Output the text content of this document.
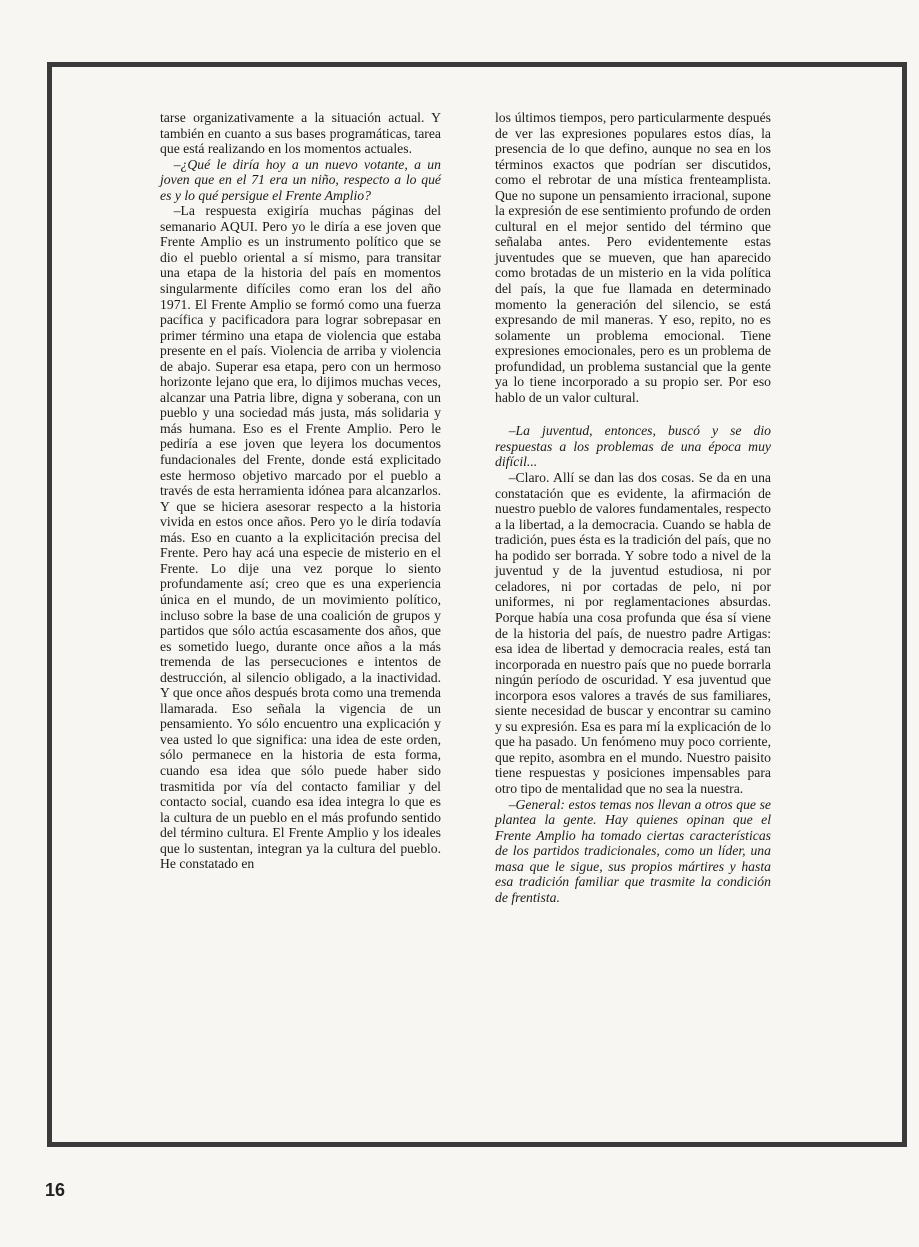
tarse organizativamente a la situación actual. Y también en cuanto a sus bases programáticas, tarea que está realizando en los momentos actuales.

–¿Qué le diría hoy a un nuevo votante, a un joven que en el 71 era un niño, respecto a lo qué es y lo qué persigue el Frente Amplio?

–La respuesta exigiría muchas páginas del semanario AQUI. Pero yo le diría a ese joven que Frente Amplio es un instrumento político que se dio el pueblo oriental a sí mismo, para transitar una etapa de la historia del país en momentos singularmente difíciles como eran los del año 1971. El Frente Amplio se formó como una fuerza pacífica y pacificadora para lograr sobrepasar en primer término una etapa de violencia que estaba presente en el país. Violencia de arriba y violencia de abajo. Superar esa etapa, pero con un hermoso horizonte lejano que era, lo dijimos muchas veces, alcanzar una Patria libre, digna y soberana, con un pueblo y una sociedad más justa, más solidaria y más humana. Eso es el Frente Amplio. Pero le pediría a ese joven que leyera los documentos fundacionales del Frente, donde está explicitado este hermoso objetivo marcado por el pueblo a través de esta herramienta idónea para alcanzarlos. Y que se hiciera asesorar respecto a la historia vivida en estos once años. Pero yo le diría todavía más. Eso en cuanto a la explicitación precisa del Frente. Pero hay acá una especie de misterio en el Frente. Lo dije una vez porque lo siento profundamente así; creo que es una experiencia única en el mundo, de un movimiento político, incluso sobre la base de una coalición de grupos y partidos que sólo actúa escasamente dos años, que es sometido luego, durante once años a la más tremenda de las persecuciones e intentos de destrucción, al silencio obligado, a la inactividad. Y que once años después brota como una tremenda llamarada. Eso señala la vigencia de un pensamiento. Yo sólo encuentro una explicación y vea usted lo que significa: una idea de este orden, sólo permanece en la historia de esta forma, cuando esa idea que sólo puede haber sido trasmitida por vía del contacto familiar y del contacto social, cuando esa idea integra lo que es la cultura de un pueblo en el más profundo sentido del término cultura. El Frente Amplio y los ideales que lo sustentan, integran ya la cultura del pueblo. He constatado en

los últimos tiempos, pero particularmente después de ver las expresiones populares estos días, la presencia de lo que defino, aunque no sea en los términos exactos que podrían ser discutidos, como el rebrotar de una mística frenteamplista. Que no supone un pensamiento irracional, supone la expresión de ese sentimiento profundo de orden cultural en el mejor sentido del término que señalaba antes. Pero evidentemente estas juventudes que se mueven, que han aparecido como brotadas de un misterio en la vida política del país, la que fue llamada en determinado momento la generación del silencio, se está expresando de mil maneras. Y eso, repito, no es solamente un problema emocional. Tiene expresiones emocionales, pero es un problema de profundidad, un problema sustancial que la gente ya lo tiene incorporado a su propio ser. Por eso hablo de un valor cultural.

–La juventud, entonces, buscó y se dio respuestas a los problemas de una época muy difícil...

–Claro. Allí se dan las dos cosas. Se da en una constatación que es evidente, la afirmación de nuestro pueblo de valores fundamentales, respecto a la libertad, a la democracia. Cuando se habla de tradición, pues ésta es la tradición del país, que no ha podido ser borrada. Y sobre todo a nivel de la juventud y de la juventud estudiosa, ni por celadores, ni por cortadas de pelo, ni por uniformes, ni por reglamentaciones absurdas. Porque había una cosa profunda que ésa sí viene de la historia del país, de nuestro padre Artigas: esa idea de libertad y democracia reales, está tan incorporada en nuestro país que no puede borrarla ningún período de oscuridad. Y esa juventud que incorpora esos valores a través de sus familiares, siente necesidad de buscar y encontrar su camino y su expresión. Esa es para mí la explicación de lo que ha pasado. Un fenómeno muy poco corriente, que repito, asombra en el mundo. Nuestro paisito tiene respuestas y posiciones impensables para otro tipo de mentalidad que no sea la nuestra.

–General: estos temas nos llevan a otros que se plantea la gente. Hay quienes opinan que el Frente Amplio ha tomado ciertas características de los partidos tradicionales, como un líder, una masa que le sigue, sus propios mártires y hasta esa tradición familiar que trasmite la condición de frentista.

16
